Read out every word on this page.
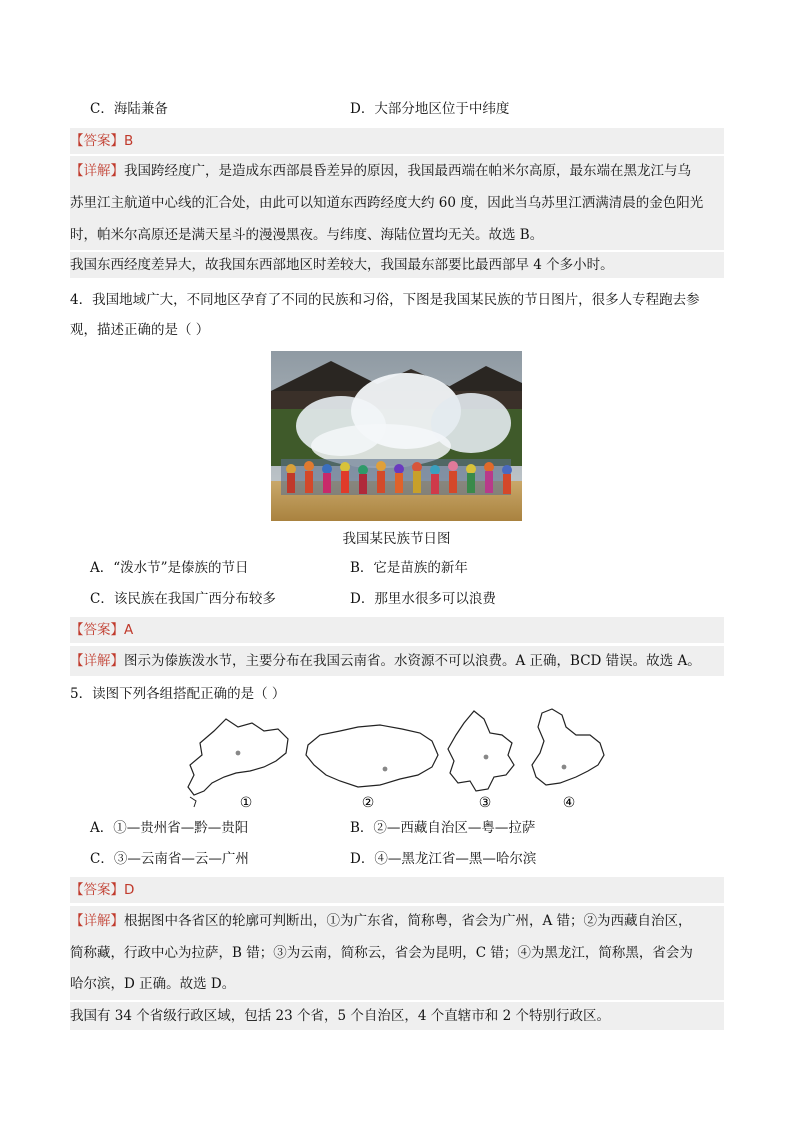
C．海陆兼备	D．大部分地区位于中纬度
【答案】B
【详解】我国跨经度广，是造成东西部晨昏差异的原因，我国最西端在帕米尔高原，最东端在黑龙江与乌
苏里江主航道中心线的汇合处，由此可以知道东西跨经度大约 60 度，因此当乌苏里江洒满清晨的金色阳光
时，帕米尔高原还是满天星斗的漫漫黑夜。与纬度、海陆位置均无关。故选 B。
我国东西经度差异大，故我国东西部地区时差较大，我国最东部要比最西部早 4 个多小时。
4．我国地域广大，不同地区孕育了不同的民族和习俗，下图是我国某民族的节日图片，很多人专程跑去参
观，描述正确的是（ ）
我国某民族节日图
A．“泼水节”是傣族的节日	B．它是苗族的新年
C．该民族在我国广西分布较多	D．那里水很多可以浪费
【答案】A
【详解】图示为傣族泼水节，主要分布在我国云南省。水资源不可以浪费。A 正确，BCD 错误。故选 A。
5．读图下列各组搭配正确的是（ ）
①	②	③	④
A．①—贵州省—黔—贵阳	B．②—西藏自治区—粤—拉萨
C．③—云南省—云—广州	D．④—黑龙江省—黑—哈尔滨
【答案】D
【详解】根据图中各省区的轮廓可判断出，①为广东省，简称粤，省会为广州，A 错；②为西藏自治区，
简称藏，行政中心为拉萨，B 错；③为云南，简称云，省会为昆明，C 错；④为黑龙江，简称黑，省会为
哈尔滨，D 正确。故选 D。
我国有 34 个省级行政区域，包括 23 个省，5 个自治区，4 个直辖市和 2 个特别行政区。
